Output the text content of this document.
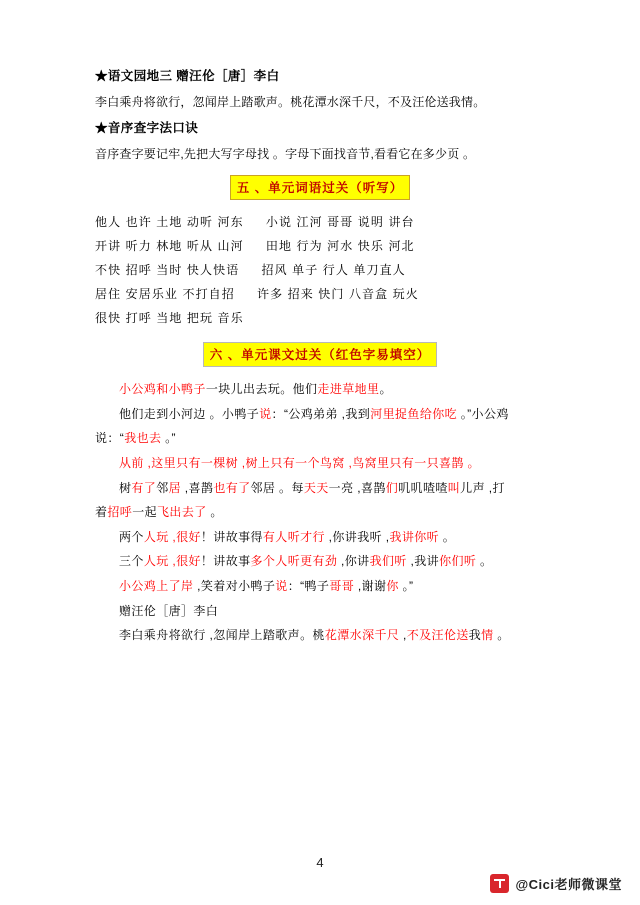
★语文园地三 赠汪伦［唐］李白
李白乘舟将欲行，忽闻岸上踏歌声。桃花潭水深千尺，不及汪伦送我情。
★音序查字法口诀
音序查字要记牢,先把大写字母找 。字母下面找音节,看看它在多少页 。
五 、单元词语过关（听写）
他人 也许 土地 动听 河东     小说 江河 哥哥 说明 讲台
开讲 听力 林地 听从 山河     田地 行为 河水 快乐 河北
不快 招呼 当时 快人快语     招风 单子 行人 单刀直人
居住 安居乐业 不打自招     许多 招来 快门 八音盒 玩火
很快 打呼 当地 把玩 音乐
六 、单元课文过关（红色字易填空）
小公鸡和小鸭子一块儿出去玩。他们走进草地里。
他们走到小河边 。小鸭子说：“公鸡弟弟 ,我到河里捉鱼给你吃 。”小公鸡
说：“我也去 。”
从前 ,这里只有一棵树 ,树上只有一个鸟窝 ,鸟窝里只有一只喜鹊 。
树有了邻居 ,喜鹊也有了邻居 。每天天一亮 ,喜鹊们叽叽喳喳叫儿声 ,打
着招呼一起飞出去了 。
两个人玩 ,很好！讲故事得有人听才行 ,你讲我听 ,我讲你听 。
三个人玩 ,很好！讲故事多个人听更有劲 ,你讲我们听 ,我讲你们听 。
小公鸡上了岸 ,笑着对小鸭子说：“鸭子哥哥 ,谢谢你 。”
赠汪伦［唐］李白
李白乘舟将欲行 ,忽闻岸上踏歌声。桃花潭水深千尺 ,不及汪伦送我情 。
4
@Cici老师微课堂
